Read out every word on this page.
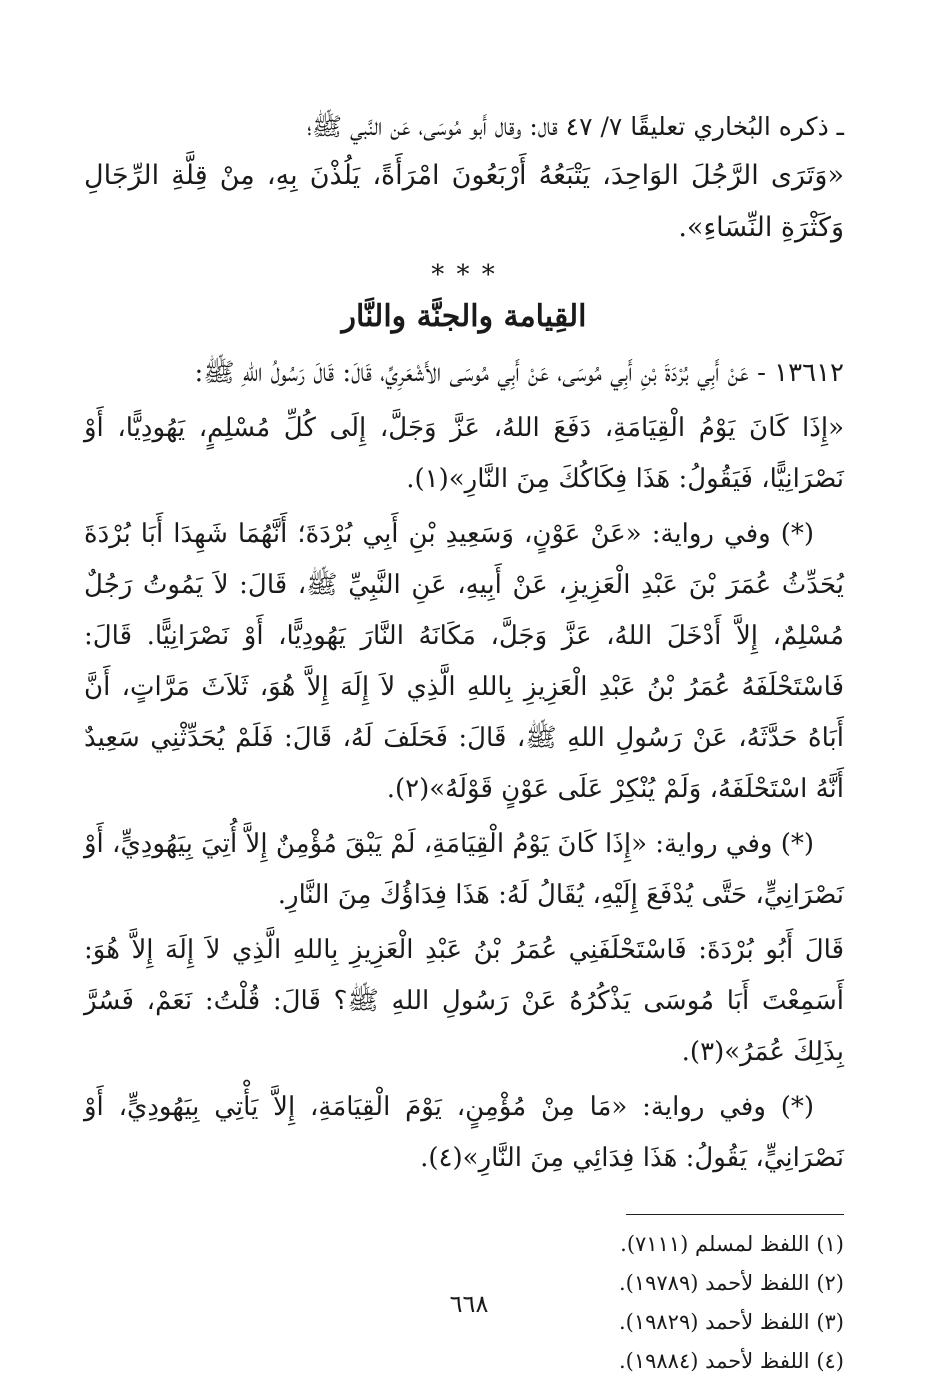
ـ ذكره البُخاري تعليقًا ٧/ ٤٧ قال: وقال أَبو مُوسَى، عَن النَّبي ﷺ؛

«وَتَرَى الرَّجُلَ الوَاحِدَ، يَتْبَعُهُ أَرْبَعُونَ امْرَأَةً، يَلُذْنَ بِهِ، مِنْ قِلَّةِ الرِّجَالِ وَكَثْرَةِ النِّسَاءِ».

* * *
القِيامة والجنَّة والنَّار

١٣٦١٢ - عَنْ أَبِي بُرْدَةَ بْنِ أَبِي مُوسَى، عَنْ أَبِي مُوسَى الأَشْعَرِيِّ، قَالَ: قَالَ رَسُولُ اللهِ ﷺ:

«إِذَا كَانَ يَوْمُ الْقِيَامَةِ، دَفَعَ اللهُ، عَزَّ وَجَلَّ، إِلَى كُلِّ مُسْلِمٍ، يَهُودِيًّا، أَوْ نَصْرَانِيًّا، فَيَقُولُ: هَذَا فِكَاكُكَ مِنَ النَّارِ»(١).

(*) وفي رواية: «عَنْ عَوْنٍ، وَسَعِيدِ بْنِ أَبِي بُرْدَةَ؛ أَنَّهُمَا شَهِدَا أَبَا بُرْدَةَ يُحَدِّثُ عُمَرَ بْنَ عَبْدِ الْعَزِيزِ، عَنْ أَبِيهِ، عَنِ النَّبِيِّ ﷺ، قَالَ: لاَ يَمُوتُ رَجُلٌ مُسْلِمٌ، إِلاَّ أَدْخَلَ اللهُ، عَزَّ وَجَلَّ، مَكَانَهُ النَّارَ يَهُودِيًّا، أَوْ نَصْرَانِيًّا. قَالَ: فَاسْتَحْلَفَهُ عُمَرُ بْنُ عَبْدِ الْعَزِيزِ بِاللهِ الَّذِي لاَ إِلَهَ إِلاَّ هُوَ، ثَلاَثَ مَرَّاتٍ، أَنَّ أَبَاهُ حَدَّثَهُ، عَنْ رَسُولِ اللهِ ﷺ، قَالَ: فَحَلَفَ لَهُ، قَالَ: فَلَمْ يُحَدِّثْنِي سَعِيدٌ أَنَّهُ اسْتَحْلَفَهُ، وَلَمْ يُنْكِرْ عَلَى عَوْنٍ قَوْلَهُ»(٢).

(*) وفي رواية: «إِذَا كَانَ يَوْمُ الْقِيَامَةِ، لَمْ يَبْقَ مُؤْمِنٌ إِلاَّ أُتِيَ بِيَهُودِيٍّ، أَوْ نَصْرَانِيٍّ، حَتَّى يُدْفَعَ إِلَيْهِ، يُقَالُ لَهُ: هَذَا فِدَاؤُكَ مِنَ النَّارِ.

قَالَ أَبُو بُرْدَةَ: فَاسْتَحْلَفَنِي عُمَرُ بْنُ عَبْدِ الْعَزِيزِ بِاللهِ الَّذِي لاَ إِلَهَ إِلاَّ هُوَ: أَسَمِعْتَ أَبَا مُوسَى يَذْكُرُهُ عَنْ رَسُولِ اللهِ ﷺ؟ قَالَ: قُلْتُ: نَعَمْ، فَسُرَّ بِذَلِكَ عُمَرُ»(٣).

(*) وفي رواية: «مَا مِنْ مُؤْمِنٍ، يَوْمَ الْقِيَامَةِ، إِلاَّ يَأْتِي بِيَهُودِيٍّ، أَوْ نَصْرَانِيٍّ، يَقُولُ: هَذَا فِدَائِي مِنَ النَّارِ»(٤).

(١) اللفظ لمسلم (٧١١١).

(٢) اللفظ لأحمد (١٩٧٨٩).

(٣) اللفظ لأحمد (١٩٨٢٩).

(٤) اللفظ لأحمد (١٩٨٨٤).

٦٦٨
